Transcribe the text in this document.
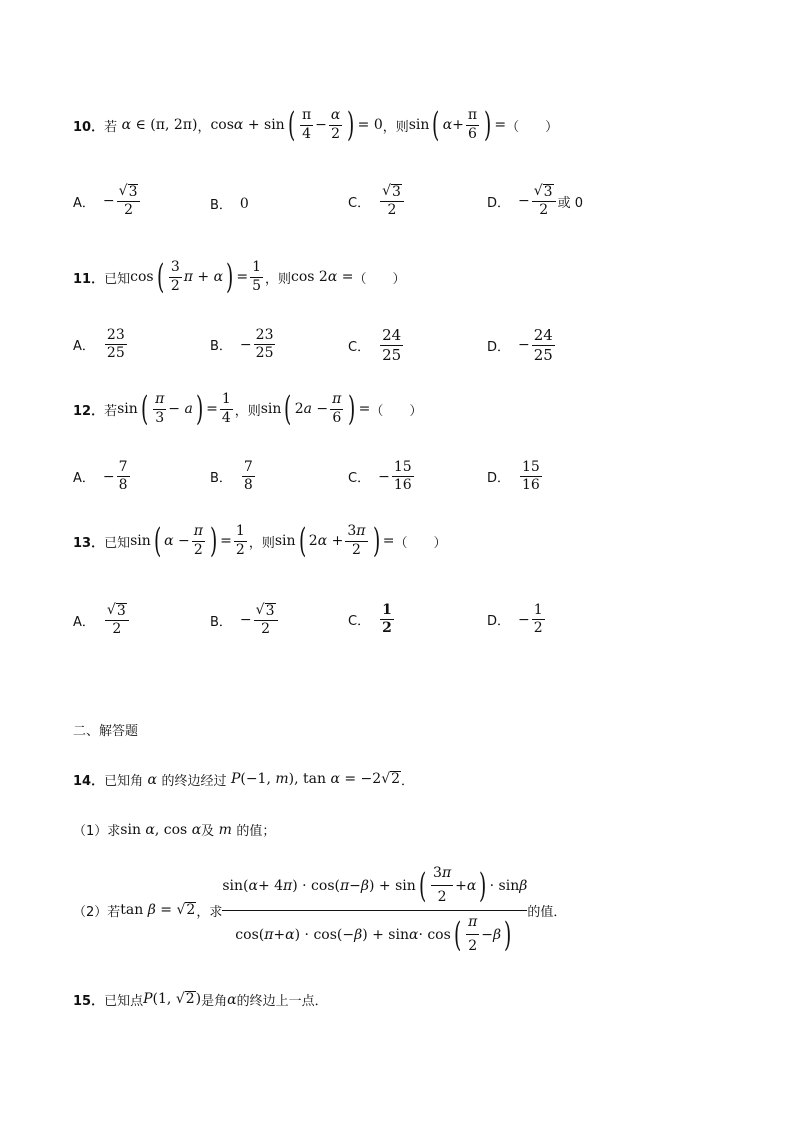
10． 若 α ∈ (π, 2π) ， cosα + sin ( $\frac{\pi}{4} - \frac{\alpha}{2}$ ) = 0 ，则 sin ( $\alpha + \frac{\pi}{6}$ ) = （　　）
A． − $\frac{√ 3}{2}$	B． 0	C． $\frac{√ 3}{2}$	D． − $\frac{√ 3}{2}$ 或 0
11． 已知 cos ( $\frac{3}{2}$ π + α ) = $\frac{1}{5}$ ，则 cos 2α = （　　）
A． $\frac{23}{25}$	B． − $\frac{23}{25}$	C． $\frac{24}{25}$	D． − $\frac{24}{25}$
12． 若 sin ( $\frac{\pi}{3} - a$ ) = $\frac{1}{4}$ ，则 sin ( $2a - \frac{\pi}{6}$ ) = （　　）
A． − $\frac{7}{8}$	B． $\frac{7}{8}$	C． − $\frac{15}{16}$	D． $\frac{15}{16}$
13． 已知 sin ( $\alpha - \frac{\pi}{2}$ ) = $\frac{1}{2}$ ，则 sin ( $2\alpha + \frac{3\pi}{2}$ ) = （　　）
A． $\frac{√ 3}{2}$	B． − $\frac{√ 3}{2}$	C． $\frac{1}{2}$	D． − $\frac{1}{2}$
二、解答题
14． 已知角 α 的终边经过 P(−1, m), tan α = −2√ 2 ．
（1）求 sin α, cos α 及 m 的值；
（2）若 tan β = √ 2 ，求
sin( α + 4 π ) · cos( π − β ) + sin ( $\frac{3 \pi}{2} + \alpha$ ) · sin β
cos( π + α ) · cos(− β ) + sin α · cos ( $\frac{\pi}{2} - \beta$ )
的值．
15． 已知点 P(1, √ 2 ) 是角 α 的终边上一点．
